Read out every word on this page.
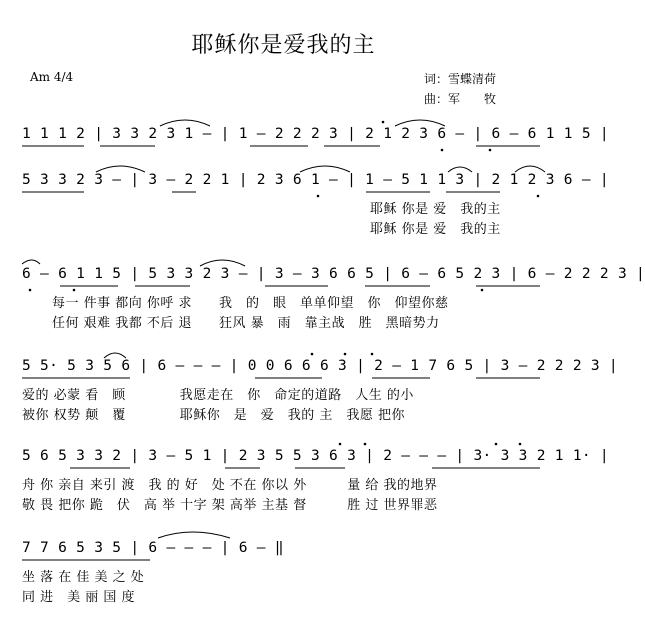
耶稣你是爱我的主
Am 4/4	词：雪蝶清荷
曲：军　　牧
1 1 1 2 | 3 3 2 3 1 – | 1 – 2 2 2 3 | 2 1 2 3 6 – | 6 – 6 1 1 5 |
5 3 3 2 3 – | 3 – 2 2 1 | 2 3 6 1 – | 1 – 5 1 1 3 | 2 1 2 3 6 – |
耶稣 你是 爱　我的主
耶稣 你是 爱　我的主
6 – 6 1 1 5 | 5 3 3 2 3 – | 3 – 3 6 6 5 | 6 – 6 5 2 3 | 6 – 2 2 2 3 |
每一 件事 都向 你呼 求　　我　的　眼　单单仰望　你　仰望你慈
任何 艰难 我都 不后 退　　狂风 暴　雨　靠主战　胜　黑暗势力
5 5· 5 3 5 6 | 6 – – – | 0 0 6 6 6 3 | 2 – 1 7 6 5 | 3 – 2 2 2 3 |
爱的 必蒙 看　顾　　　　我愿走在　你　命定的道路　人生 的小
被你 权势 颠　覆　　　　耶稣你　是　爱　我的 主　我愿 把你
5 6 5 3 3 2 | 3 – 5 1 | 2 3 5 5 3 6 3 | 2 – – – | 3· 3 3 2 1 1· |
舟 你 亲自 来引 渡　我 的 好　处 不在 你以 外　　　量 给 我的地界
敬 畏 把你 跪　伏　高 举 十字 架 高举 主基 督　　　胜 过 世界罪恶
7 7 6 5 3 5 | 6 – – – | 6 – ‖
坐 落 在 佳 美 之 处
同 进　美 丽 国 度
